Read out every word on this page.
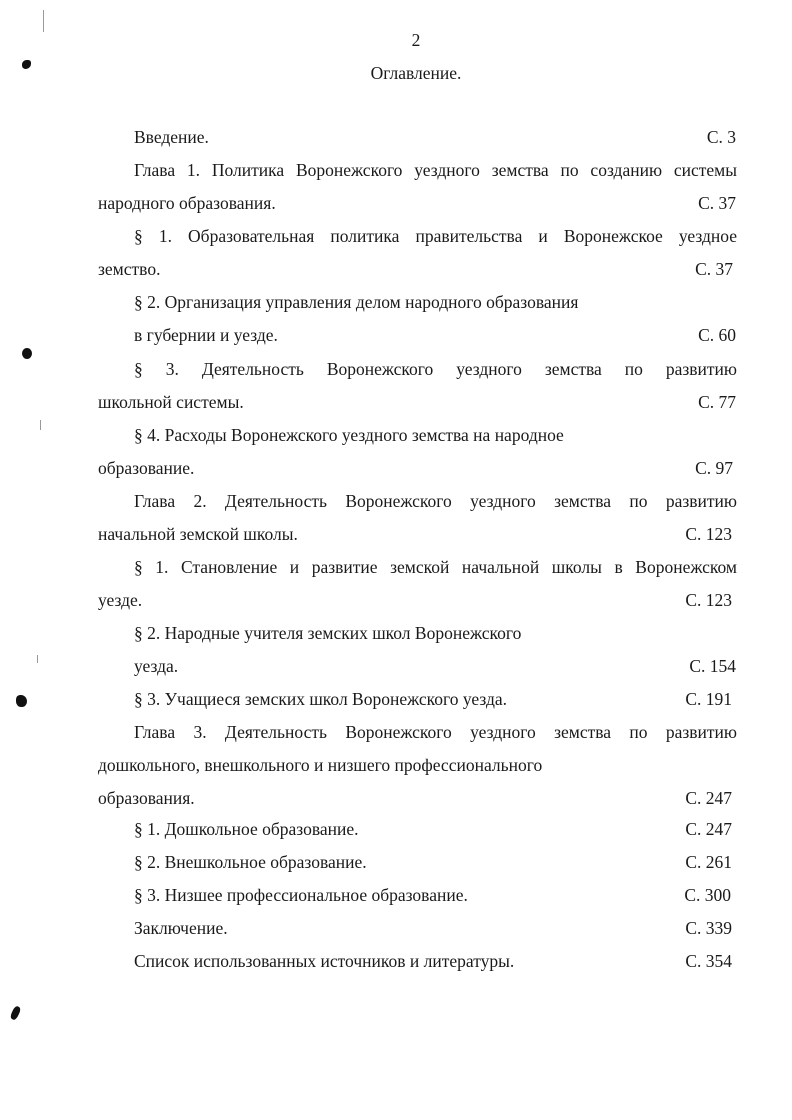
2
Оглавление.
Введение.	С. 3
Глава 1. Политика Воронежского уездного земства по созданию системы
народного образования.	С. 37
§ 1. Образовательная политика правительства и Воронежское уездное
земство.	С. 37
§ 2. Организация управления делом народного образования
в губернии и уезде.	С. 60
§ 3. Деятельность Воронежского уездного земства по развитию
школьной системы.	С. 77
§ 4. Расходы Воронежского уездного земства на народное
образование.	С. 97
Глава 2. Деятельность Воронежского уездного земства по развитию
начальной земской школы.	С. 123
§ 1. Становление и развитие земской начальной школы в Воронежском
уезде.	С. 123
§ 2. Народные учителя земских школ Воронежского
уезда.	С. 154
§ 3. Учащиеся земских школ Воронежского уезда.	С. 191
Глава 3. Деятельность Воронежского уездного земства по развитию
дошкольного, внешкольного и низшего профессионального
образования.	С. 247
§ 1. Дошкольное образование.	С. 247
§ 2. Внешкольное образование.	С. 261
§ 3. Низшее профессиональное образование.	С. 300
Заключение.	С. 339
Список использованных источников и литературы.	С. 354
